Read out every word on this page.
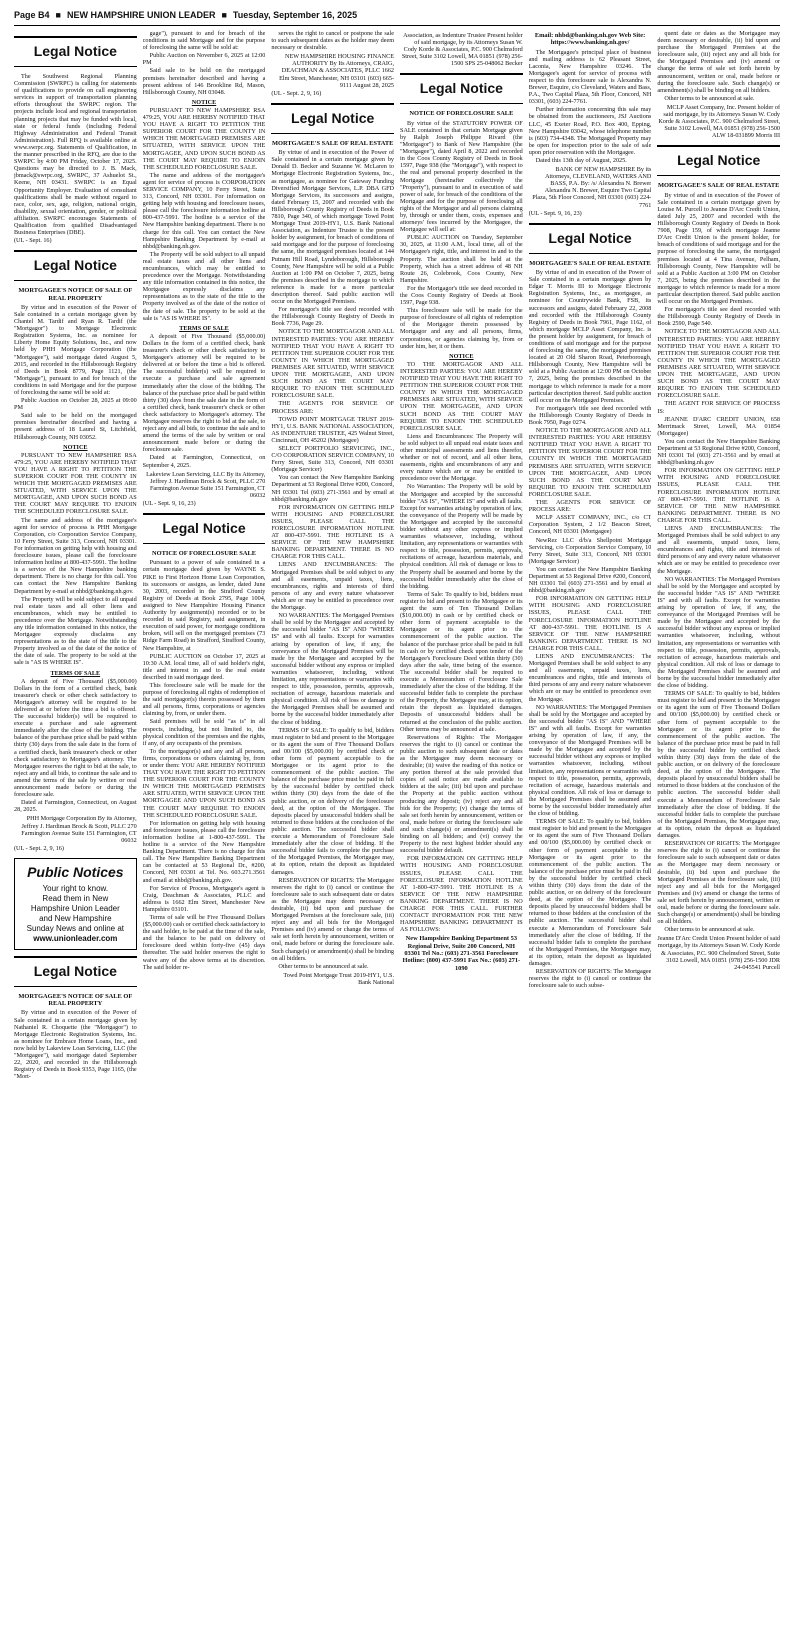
Page B4 ■ NEW HAMPSHIRE UNION LEADER ■ Tuesday, September 16, 2025
Legal Notice
The Southwest Regional Planning Commission (SWRPC) is calling for statements of qualifications to provide on call engineering services in support of transportation planning efforts throughout the SWRPC region. The projects include local and regional transportation planning projects that may be funded with local, state or federal funds (including Federal Highway Administration and Federal Transit Administration). Full RFQ is available online at www.swrpc.org. Statements of Qualification, in the manner prescribed in the RFQ, are due to the SWRPC by 4:00 PM Friday, October 17, 2025. Questions may be directed to J. B. Mack, jbmack@swrpc.org, SWRPC, 37 Ashuelot St., Keene, NH 03431. SWRPC is an Equal Opportunity Employer. Evaluation of consultant qualifications shall be made without regard to race, color, sex, age, religion, national origin, disability, sexual orientation, gender, or political affiliation. SWRPC encourages Statements of Qualification from qualified Disadvantaged Business Enterprises (DBE).
(UL - Sept. 16)
Legal Notice
MORTGAGEE'S NOTICE OF SALE OF REAL PROPERTY
By virtue and in execution of the Power of Sale contained in a certain mortgage given by Chantel M. Tardif and Ryan R. Tardif (the "Mortgagor") to Mortgage Electronic Registration Systems, Inc. as nominee for Liberty Home Equity Solutions, Inc., and now held by PHH Mortgage Corporation (the "Mortgagee"), said mortgage dated August 5, 2015, and recorded in the Hillsborough Registry of Deeds in Book 8779, Page 1121, (the "Mortgage"), pursuant to and for breach of the conditions in said Mortgage and for the purpose of foreclosing the same will be sold at:
Public Auction on October 28, 2025 at 09:00 PM
Said sale to be held on the mortgaged premises hereinafter described and having a present address of 18 Laurel St, Litchfield, Hillsborough County, NH 03052.
NOTICE
PURSUANT TO NEW HAMPSHIRE RSA 479:25, YOU ARE HEREBY NOTIFIED THAT YOU HAVE A RIGHT TO PETITION THE SUPERIOR COURT FOR THE COUNTY IN WHICH THE MORTGAGED PREMISES ARE SITUATED, WITH SERVICE UPON THE MORTGAGEE, AND UPON SUCH BOND AS THE COURT MAY REQUIRE TO ENJOIN THE SCHEDULED FORECLOSURE SALE.
The name and address of the mortgagee's agent for service of process is PHH Mortgage Corporation, c/o Corporation Service Company, 10 Ferry Street, Suite 313, Concord, NH 03301. For information on getting help with housing and foreclosure issues, please call the foreclosure information hotline at 800-437-5991. The hotline is a service of the New Hampshire banking department. There is no charge for this call. You can contact the New Hampshire Banking Department by e-mail at nhbd@banking.nh.gov.
The Property will be sold subject to all unpaid real estate taxes and all other liens and encumbrances, which may be entitled to precedence over the Mortgage. Notwithstanding any title information contained in this notice, the Mortgagee expressly disclaims any representations as to the state of the title to the Property involved as of the date of the notice of the date of sale. The property to be sold at the sale is "AS IS WHERE IS".
TERMS OF SALE
A deposit of Five Thousand ($5,000.00) Dollars in the form of a certified check, bank treasurer's check or other check satisfactory to Mortgagee's attorney will be required to be delivered at or before the time a bid is offered. The successful bidder(s) will be required to execute a purchase and sale agreement immediately after the close of the bidding. The balance of the purchase price shall be paid within thirty (30) days from the sale date in the form of a certified check, bank treasurer's check or other check satisfactory to Mortgagee's attorney. The Mortgagee reserves the right to bid at the sale, to reject any and all bids, to continue the sale and to amend the terms of the sale by written or oral announcement made before or during the foreclosure sale.
Dated at Farmington, Connecticut, on August 28, 2025.
PHH Mortgage Corporation By its Attorney, Jeffrey J. Hardiman Brock & Scott, PLLC 270 Farmington Avenue Suite 151 Farmington, CT 06032
(UL - Sept. 2, 9, 16)
Public Notices
Your right to know.
Read them in New
Hampshire Union Leader
and New Hampshire
Sunday News and online at
www.unionleader.com
Legal Notice
MORTGAGEE'S NOTICE OF SALE OF REAL PROPERTY
By virtue and in execution of the Power of Sale contained in a certain mortgage given by Nathaniel R. Choquette (the "Mortgagor") to Mortgage Electronic Registration Systems, Inc. as nominee for Embrace Home Loans, Inc., and now held by Lakeview Loan Servicing, LLC (the "Mortgagee"), said mortgage dated September 22, 2020, and recorded in the Hillsborough Registry of Deeds in Book 9353, Page 1165, (the "Mort-
gage"), pursuant to and for breach of the conditions in said Mortgage and for the purpose of foreclosing the same will be sold at:
Public Auction on November 6, 2025 at 12:00 PM
Said sale to be held on the mortgaged premises hereinafter described and having a present address of 146 Brookline Rd, Mason, Hillsborough County, NH 03048.
NOTICE
PURSUANT TO NEW HAMPSHIRE RSA 479:25, YOU ARE HEREBY NOTIFIED THAT YOU HAVE A RIGHT TO PETITION THE SUPERIOR COURT FOR THE COUNTY IN WHICH THE MORTGAGED PREMISES ARE SITUATED, WITH SERVICE UPON THE MORTGAGEE, AND UPON SUCH BOND AS THE COURT MAY REQUIRE TO ENJOIN THE SCHEDULED FORECLOSURE SALE.
The name and address of the mortgagee's agent for service of process is CORPORATION SERVICE COMPANY, 10 Ferry Street, Suite 313, Concord, NH 03301. For information on getting help with housing and foreclosure issues, please call the foreclosure information hotline at 800-437-5991. The hotline is a service of the New Hampshire banking department. There is no charge for this call. You can contact the New Hampshire Banking Department by e-mail at nhbd@banking.nh.gov.
The Property will be sold subject to all unpaid real estate taxes and all other liens and encumbrances, which may be entitled to precedence over the Mortgage. Notwithstanding any title information contained in this notice, the Mortgagee expressly disclaims any representations as to the state of the title to the Property involved as of the date of the notice of the date of sale. The property to be sold at the sale is "AS IS WHERE IS".
TERMS OF SALE
A deposit of Five Thousand ($5,000.00) Dollars in the form of a certified check, bank treasurer's check or other check satisfactory to Mortgagee's attorney will be required to be delivered at or before the time a bid is offered. The successful bidder(s) will be required to execute a purchase and sale agreement immediately after the close of the bidding. The balance of the purchase price shall be paid within thirty (30) days from the sale date in the form of a certified check, bank treasurer's check or other check satisfactory to Mortgagee's attorney. The Mortgagee reserves the right to bid at the sale, to reject any and all bids, to continue the sale and to amend the terms of the sale by written or oral announcement made before or during the foreclosure sale.
Dated at Farmington, Connecticut, on September 4, 2025.
Lakeview Loan Servicing, LLC By its Attorney, Jeffrey J. Hardiman Brock & Scott, PLLC 270 Farmington Avenue Suite 151 Farmington, CT 06032
(UL - Sept. 9, 16, 23)
Legal Notice
NOTICE OF FORECLOSURE SALE
Pursuant to a power of sale contained in a certain mortgage deed given by WAYNE S. PIKE to First Horizon Home Loan Corporation, its successors or assigns, as lender, dated June 30, 2003, recorded in the Strafford County Registry of Deeds at Book 2795, Page 1004, assigned to New Hampshire Housing Finance Authority by assignment(s) recorded or to be recorded in said Registry, said assignment, in execution of said power, for mortgage conditions broken, will sell on the mortgaged premises (73 Ridge Farm Road) in Strafford, Strafford County, New Hampshire, at
PUBLIC AUCTION on October 17, 2025 at 10:30 A.M. local time, all of said holder's right, title and interest in and to the real estate described in said mortgage deed.
This foreclosure sale will be made for the purpose of foreclosing all rights of redemption of the said mortgagor(s) therein possessed by them and all persons, firms, corporations or agencies claiming by, from, or under them.
Said premises will be sold "as is" in all respects, including, but not limited to, the physical condition of the premises and the rights, if any, of any occupants of the premises.
To the mortgagor(s) and any and all persons, firms, corporations or others claiming by, from or under them: YOU ARE HEREBY NOTIFIED THAT YOU HAVE THE RIGHT TO PETITION THE SUPERIOR COURT FOR THE COUNTY IN WHICH THE MORTGAGED PREMISES ARE SITUATED, WITH SERVICE UPON THE MORTGAGEE AND UPON SUCH BOND AS THE COURT MAY REQUIRE TO ENJOIN THE SCHEDULED FORECLOSURE SALE.
For information on getting help with housing and foreclosure issues, please call the foreclosure information hotline at 1-800-437-5991. The hotline is a service of the New Hampshire Banking Department. There is no charge for this call. The New Hampshire Banking Department can be contacted at 53 Regional Dr., #200, Concord, NH 03301 at Tel. No. 603.271.3561 and email at nhbd@banking.nh.gov.
For Service of Process, Mortgagee's agent is Craig, Deachman & Associates, PLLC and address is 1662 Elm Street, Manchester New Hampshire 03101.
Terms of sale will be Five Thousand Dollars ($5,000.00) cash or certified check satisfactory to the said holder, to be paid at the time of the sale, and the balance to be paid on delivery of foreclosure deed within forty-five (45) days thereafter. The said holder reserves the right to waive any of the above terms at its discretion. The said holder re-
serves the right to cancel or postpone the sale to such subsequent dates as the holder may deem necessary or desirable.
NEW HAMPSHIRE HOUSING FINANCE AUTHORITY By Its Attorneys, CRAIG, DEACHMAN & ASSOCIATES, PLLC 1662 Elm Street, Manchester, NH 03101 (603) 665-9111 August 28, 2025
(UL - Sept. 2, 9, 16)
Legal Notice
MORTGAGEE'S SALE OF REAL ESTATE
By virtue of and in execution of the Power of Sale contained in a certain mortgage given by Donald D. Becker and Suzanne W. McLaren to Mortgage Electronic Registration Systems, Inc., as mortgagee, as nominee for Gateway Funding Diversified Mortgage Services, L.P. DBA GFD Mortgage Services, its successors and assigns, dated February 15, 2007 and recorded with the Hillsborough County Registry of Deeds in Book 7810, Page 340, of which mortgage Towd Point Mortgage Trust 2019-HY1, U.S. Bank National Association, as Indenture Trustee is the present holder by assignment, for breach of conditions of said mortgage and for the purpose of foreclosing the same, the mortgaged premises located at 144 Putnam Hill Road, Lyndeborough, Hillsborough County, New Hampshire will be sold at a Public Auction at 1:00 PM on October 7, 2025, being the premises described in the mortgage to which reference is made for a more particular description thereof. Said public auction will occur on the Mortgaged Premises.
For mortgagor's title see deed recorded with the Hillsborough County Registry of Deeds in Book 7736, Page 29.
NOTICE TO THE MORTGAGOR AND ALL INTERESTED PARTIES: YOU ARE HEREBY NOTIFIED THAT YOU HAVE A RIGHT TO PETITION THE SUPERIOR COURT FOR THE COUNTY IN WHICH THE MORTGAGED PREMISES ARE SITUATED, WITH SERVICE UPON THE MORTGAGEE, AND UPON SUCH BOND AS THE COURT MAY REQUIRE TO ENJOIN THE SCHEDULED FORECLOSURE SALE.
THE AGENTS FOR SERVICE OF PROCESS ARE:
TOWD POINT MORTGAGE TRUST 2019-HY1, U.S. BANK NATIONAL ASSOCIATION, AS INDENTURE TRUSTEE, 425 Walnut Street, Cincinnati, OH 45202 (Mortgagee)
SELECT PORTFOLIO SERVICING, INC., C/O CORPORATION SERVICE COMPANY, 10 Ferry Street, Suite 313, Concord, NH 03301 (Mortgage Servicer)
You can contact the New Hampshire Banking Department at 53 Regional Drive #200, Concord, NH 03301 Tel (603) 271-3561 and by email at nhbd@banking.nh.gov
FOR INFORMATION ON GETTING HELP WITH HOUSING AND FORECLOSURE ISSUES, PLEASE CALL THE FORECLOSURE INFORMATION HOTLINE AT 800-437-5991. THE HOTLINE IS A SERVICE OF THE NEW HAMPSHIRE BANKING DEPARTMENT. THERE IS NO CHARGE FOR THIS CALL.
LIENS AND ENCUMBRANCES: The Mortgaged Premises shall be sold subject to any and all easements, unpaid taxes, liens, encumbrances, rights and interests of third persons of any and every nature whatsoever which are or may be entitled to precedence over the Mortgage.
NO WARRANTIES: The Mortgaged Premises shall be sold by the Mortgagee and accepted by the successful bidder "AS IS" AND "WHERE IS" and with all faults. Except for warranties arising by operation of law, if any, the conveyance of the Mortgaged Premises will be made by the Mortgagee and accepted by the successful bidder without any express or implied warranties whatsoever, including, without limitation, any representations or warranties with respect to title, possession, permits, approvals, recitation of acreage, hazardous materials and physical condition. All risk of loss or damage to the Mortgaged Premises shall be assumed and borne by the successful bidder immediately after the close of bidding.
TERMS OF SALE: To qualify to bid, bidders must register to bid and present to the Mortgagee or its agent the sum of Five Thousand Dollars and 00/100 ($5,000.00) by certified check or other form of payment acceptable to the Mortgagee or its agent prior to the commencement of the public auction. The balance of the purchase price must be paid in full by the successful bidder by certified check within thirty (30) days from the date of the public auction, or on delivery of the foreclosure deed, at the option of the Mortgagee. The deposits placed by unsuccessful bidders shall be returned to those bidders at the conclusion of the public auction. The successful bidder shall execute a Memorandum of Foreclosure Sale immediately after the close of bidding. If the successful bidder fails to complete the purchase of the Mortgaged Premises, the Mortgagee may, at its option, retain the deposit as liquidated damages.
RESERVATION OF RIGHTS: The Mortgagee reserves the right to (i) cancel or continue the foreclosure sale to such subsequent date or dates as the Mortgagee may deem necessary or desirable, (ii) bid upon and purchase the Mortgaged Premises at the foreclosure sale, (iii) reject any and all bids for the Mortgaged Premises and (iv) amend or change the terms of sale set forth herein by announcement, written or oral, made before or during the foreclosure sale. Such change(s) or amendment(s) shall be binding on all bidders.
Other terms to be announced at sale.
Towd Point Mortgage Trust 2019-HY1, U.S. Bank National
Association, as Indenture Trustee Present holder of said mortgage, by its Attorneys Susan W. Cody Korde & Associates, P.C. 900 Chelmsford Street, Suite 3102 Lowell, MA 01851 (978) 256-1500 SPS 25-048062 Becker
Legal Notice
NOTICE OF FORECLOSURE SALE
By virtue of the STATUTORY POWER OF SALE contained in that certain Mortgage given by Ralph Joseph Philippe Rivard (the "Mortgagor") to Bank of New Hampshire (the "Mortgagee"), dated April 8, 2022 and recorded in the Coos County Registry of Deeds in Book 1597, Page 938 (the "Mortgage"), with respect to the real and personal property described in the Mortgage (hereinafter collectively the "Property"), pursuant to and in execution of said power of sale, for breach of the conditions of the Mortgage and for the purpose of foreclosing all rights of the Mortgagor and all persons claiming by, through or under them, costs, expenses and attorneys' fees incurred by the Mortgagee, the Mortgagee will sell at:
PUBLIC AUCTION on Tuesday, September 30, 2025, at 11:00 A.M., local time, all of the Mortgagee's right, title, and interest in and to the Property. The auction shall be held at the Property, which has a street address of 48 NH Route 26, Colebrook, Coos County, New Hampshire.
For the Mortgagor's title see deed recorded in the Coos County Registry of Deeds at Book 1597, Page 938.
This foreclosure sale will be made for the purpose of foreclosure of all rights of redemption of the Mortgagor therein possessed by Mortgagor and any and all persons, firms, corporations, or agencies claiming by, from or under him, her, it or them.
NOTICE
TO THE MORTGAGOR AND ALL INTERESTED PARTIES: YOU ARE HEREBY NOTIFIED THAT YOU HAVE THE RIGHT TO PETITION THE SUPERIOR COURT FOR THE COUNTY IN WHICH THE MORTGAGED PREMISES ARE SITUATED, WITH SERVICE UPON THE MORTGAGEE, AND UPON SUCH BOND AS THE COURT MAY REQUIRE TO ENJOIN THE SCHEDULED FORECLOSURE SALE.
Liens and Encumbrances: The Property will be sold subject to all unpaid real estate taxes and other municipal assessments and liens therefor, whether or not of record, and all other liens, easements, rights and encumbrances of any and every nature which are or may be entitled to precedence over the Mortgage.
No Warranties: The Property will be sold by the Mortgagee and accepted by the successful bidder "AS IS", "WHERE IS" and with all faults. Except for warranties arising by operation of law, the conveyance of the Property will be made by the Mortgagee and accepted by the successful bidder without any other express or implied warranties whatsoever, including, without limitation, any representations or warranties with respect to title, possession, permits, approvals, recitations of acreage, hazardous materials, and physical condition. All risk of damage or loss to the Property shall be assumed and borne by the successful bidder immediately after the close of the bidding.
Terms of Sale: To qualify to bid, bidders must register to bid and present to the Mortgagee or its agent the sum of Ten Thousand Dollars ($10,000.00) in cash or by certified check or other form of payment acceptable to the Mortgagee or its agent prior to the commencement of the public auction. The balance of the purchase price shall be paid in full in cash or by certified check upon tender of the Mortgagee's Foreclosure Deed within thirty (30) days after the sale, time being of the essence. The successful bidder shall be required to execute a Memorandum of Foreclosure Sale immediately after the close of the bidding. If the successful bidder fails to complete the purchase of the Property, the Mortgagee may, at its option, retain the deposit as liquidated damages. Deposits of unsuccessful bidders shall be returned at the conclusion of the public auction. Other terms may be announced at sale.
Reservations of Rights: The Mortgagee reserves the right to (i) cancel or continue the public auction to such subsequent date or dates as the Mortgagee may deem necessary or desirable; (ii) waive the reading of this notice or any portion thereof at the sale provided that copies of said notice are made available to bidders at the sale; (iii) bid upon and purchase the Property at the public auction without producing any deposit; (iv) reject any and all bids for the Property; (v) change the terms of sale set forth herein by announcement, written or oral, made before or during the foreclosure sale and such change(s) or amendment(s) shall be binding on all bidders; and (vi) convey the Property to the next highest bidder should any successful bidder default.
FOR INFORMATION ON GETTING HELP WITH HOUSING AND FORECLOSURE ISSUES, PLEASE CALL THE FORECLOSURE INFORMATION HOTLINE AT 1-800-437-5991. THE HOTLINE IS A SERVICE OF THE NEW HAMPSHIRE BANKING DEPARTMENT. THERE IS NO CHARGE FOR THIS CALL. FURTHER CONTACT INFORMATION FOR THE NEW HAMPSHIRE BANKING DEPARTMENT IS AS FOLLOWS:
New Hampshire Banking Department 53 Regional Drive, Suite 200 Concord, NH 03301 Tel No.: (603) 271-3561 Foreclosure Hotline: (800) 437-5991 Fax No.: (603) 271-1090
Email: nhbd@banking.nh.gov Web Site: https://www.banking.nh.gov/
The Mortgagee's principal place of business and mailing address is 62 Pleasant Street, Laconia, New Hampshire 03246. The Mortgagee's agent for service of process with respect to this foreclosure sale is Alexandra N. Brewer, Esquire, c/o Cleveland, Waters and Bass, P.A., Two Capital Plaza, 5th Floor, Concord, NH 03301, (603) 224-7761.
Further information concerning this sale may be obtained from the auctioneers, JSJ Auctions LLC, 45 Exeter Road, P.O. Box 400, Epping, New Hampshire 03042, whose telephone number is (603) 734-4348. The Mortgaged Property may be open for inspection prior to the sale of sale upon prior reservation with the Mortgagee.
Dated this 13th day of August, 2025.
BANK OF NEW HAMPSHIRE By its Attorneys, CLEVELAND, WATERS AND BASS, P.A. By: /s/ Alexandra N. Brewer Alexandra N. Brewer, Esquire Two Capital Plaza, 5th Floor Concord, NH 03301 (603) 224-7761
(UL - Sept. 9, 16, 23)
Legal Notice
MORTGAGEE'S SALE OF REAL ESTATE
By virtue of and in execution of the Power of Sale contained in a certain mortgage given by Edgar T. Morris III to Mortgage Electronic Registration Systems, Inc., as mortgagee, as nominee for Countrywide Bank, FSB, its successors and assigns, dated February 22, 2008 and recorded with the Hillsborough County Registry of Deeds in Book 7961, Page 1162, of which mortgage MCLP Asset Company, Inc. is the present holder by assignment, for breach of conditions of said mortgage and for the purpose of foreclosing the same, the mortgaged premises located at 20 Old Sharon Road, Peterborough, Hillsborough County, New Hampshire will be sold at a Public Auction at 12:00 PM on October 7, 2025, being the premises described in the mortgage to which reference is made for a more particular description thereof. Said public auction will occur on the Mortgaged Premises.
For mortgagor's title see deed recorded with the Hillsborough County Registry of Deeds in Book 7950, Page 0274.
NOTICE TO THE MORTGAGOR AND ALL INTERESTED PARTIES: YOU ARE HEREBY NOTIFIED THAT YOU HAVE A RIGHT TO PETITION THE SUPERIOR COURT FOR THE COUNTY IN WHICH THE MORTGAGED PREMISES ARE SITUATED, WITH SERVICE UPON THE MORTGAGEE, AND UPON SUCH BOND AS THE COURT MAY REQUIRE TO ENJOIN THE SCHEDULED FORECLOSURE SALE.
THE AGENTS FOR SERVICE OF PROCESS ARE:
MCLP ASSET COMPANY, INC., c/o CT Corporation System, 2 1/2 Beacon Street, Concord, NH 03301 (Mortgagee)
NewRez LLC d/b/a Shellpoint Mortgage Servicing, c/o Corporation Service Company, 10 Ferry Street, Suite 313, Concord, NH 03301 (Mortgage Servicer)
You can contact the New Hampshire Banking Department at 53 Regional Drive #200, Concord, NH 03301 Tel (603) 271-3561 and by email at nhbd@banking.nh.gov
FOR INFORMATION ON GETTING HELP WITH HOUSING AND FORECLOSURE ISSUES, PLEASE CALL THE FORECLOSURE INFORMATION HOTLINE AT 800-437-5991. THE HOTLINE IS A SERVICE OF THE NEW HAMPSHIRE BANKING DEPARTMENT. THERE IS NO CHARGE FOR THIS CALL.
LIENS AND ENCUMBRANCES: The Mortgaged Premises shall be sold subject to any and all easements, unpaid taxes, liens, encumbrances and rights, title and interests of third persons of any and every nature whatsoever which are or may be entitled to precedence over the Mortgage.
NO WARRANTIES: The Mortgaged Premises shall be sold by the Mortgagee and accepted by the successful bidder "AS IS" AND "WHERE IS" and with all faults. Except for warranties arising by operation of law, if any, the conveyance of the Mortgaged Premises will be made by the Mortgagee and accepted by the successful bidder without any express or implied warranties whatsoever, including, without limitation, any representations or warranties with respect to title, possession, permits, approvals, recitation of acreage, hazardous materials and physical condition. All risk of loss or damage to the Mortgaged Premises shall be assumed and borne by the successful bidder immediately after the close of bidding.
TERMS OF SALE: To qualify to bid, bidders must register to bid and present to the Mortgagee or its agent the sum of Five Thousand Dollars and 00/100 ($5,000.00) by certified check or other form of payment acceptable to the Mortgagee or its agent prior to the commencement of the public auction. The balance of the purchase price must be paid in full by the successful bidder by certified check within thirty (30) days from the date of the public auction, or on delivery of the foreclosure deed, at the option of the Mortgagee. The deposits placed by unsuccessful bidders shall be returned to those bidders at the conclusion of the public auction. The successful bidder shall execute a Memorandum of Foreclosure Sale immediately after the close of bidding. If the successful bidder fails to complete the purchase of the Mortgaged Premises, the Mortgagee may, at its option, retain the deposit as liquidated damages.
RESERVATION OF RIGHTS: The Mortgagee reserves the right to (i) cancel or continue the foreclosure sale to such subse-
quent date or dates as the Mortgagee may deem necessary or desirable, (ii) bid upon and purchase the Mortgaged Premises at the foreclosure sale, (iii) reject any and all bids for the Mortgaged Premises and (iv) amend or change the terms of sale set forth herein by announcement, written or oral, made before or during the foreclosure sale. Such change(s) or amendment(s) shall be binding on all bidders.
Other terms to be announced at sale.
MCLP Asset Company, Inc. Present holder of said mortgage, by its Attorneys Susan W. Cody Korde & Associates, P.C. 900 Chelmsford Street, Suite 3102 Lowell, MA 01851 (978) 256-1500 ALW 18-031899 Morris III
Legal Notice
MORTGAGEE'S SALE OF REAL ESTATE
By virtue of and in execution of the Power of Sale contained in a certain mortgage given by Louise M. Purcell to Jeanne D'Arc Credit Union, dated July 25, 2007 and recorded with the Hillsborough County Registry of Deeds in Book 7908, Page 159, of which mortgage Jeanne D'Arc Credit Union is the present holder, for breach of conditions of said mortgage and for the purpose of foreclosing the same, the mortgaged premises located at 4 Tina Avenue, Pelham, Hillsborough County, New Hampshire will be sold at a Public Auction at 3:00 PM on October 7, 2025, being the premises described in the mortgage to which reference is made for a more particular description thereof. Said public auction will occur on the Mortgaged Premises.
For mortgagor's title see deed recorded with the Hillsborough County Registry of Deeds in Book 2590, Page 540.
NOTICE TO THE MORTGAGOR AND ALL INTERESTED PARTIES: YOU ARE HEREBY NOTIFIED THAT YOU HAVE A RIGHT TO PETITION THE SUPERIOR COURT FOR THE COUNTY IN WHICH THE MORTGAGED PREMISES ARE SITUATED, WITH SERVICE UPON THE MORTGAGEE, AND UPON SUCH BOND AS THE COURT MAY REQUIRE TO ENJOIN THE SCHEDULED FORECLOSURE SALE.
THE AGENT FOR SERVICE OF PROCESS IS:
JEANNE D'ARC CREDIT UNION, 658 Merrimack Street, Lowell, MA 01854 (Mortgagee)
You can contact the New Hampshire Banking Department at 53 Regional Drive #200, Concord, NH 03301 Tel (603) 271-3561 and by email at nhbd@banking.nh.gov
FOR INFORMATION ON GETTING HELP WITH HOUSING AND FORECLOSURE ISSUES, PLEASE CALL THE FORECLOSURE INFORMATION HOTLINE AT 800-437-5991. THE HOTLINE IS A SERVICE OF THE NEW HAMPSHIRE BANKING DEPARTMENT. THERE IS NO CHARGE FOR THIS CALL.
LIENS AND ENCUMBRANCES: The Mortgaged Premises shall be sold subject to any and all easements, unpaid taxes, liens, encumbrances and rights, title and interests of third persons of any and every nature whatsoever which are or may be entitled to precedence over the Mortgage.
NO WARRANTIES: The Mortgaged Premises shall be sold by the Mortgagee and accepted by the successful bidder "AS IS" AND "WHERE IS" and with all faults. Except for warranties arising by operation of law, if any, the conveyance of the Mortgaged Premises will be made by the Mortgagee and accepted by the successful bidder without any express or implied warranties whatsoever, including, without limitation, any representations or warranties with respect to title, possession, permits, approvals, recitation of acreage, hazardous materials and physical condition. All risk of loss or damage to the Mortgaged Premises shall be assumed and borne by the successful bidder immediately after the close of bidding.
TERMS OF SALE: To qualify to bid, bidders must register to bid and present to the Mortgagee or its agent the sum of Five Thousand Dollars and 00/100 ($5,000.00) by certified check or other form of payment acceptable to the Mortgagee or its agent prior to the commencement of the public auction. The balance of the purchase price must be paid in full by the successful bidder by certified check within thirty (30) days from the date of the public auction, or on delivery of the foreclosure deed, at the option of the Mortgagee. The deposits placed by unsuccessful bidders shall be returned to those bidders at the conclusion of the public auction. The successful bidder shall execute a Memorandum of Foreclosure Sale immediately after the close of bidding. If the successful bidder fails to complete the purchase of the Mortgaged Premises, the Mortgagee may, at its option, retain the deposit as liquidated damages.
RESERVATION OF RIGHTS: The Mortgagee reserves the right to (i) cancel or continue the foreclosure sale to such subsequent date or dates as the Mortgagee may deem necessary or desirable, (ii) bid upon and purchase the Mortgaged Premises at the foreclosure sale, (iii) reject any and all bids for the Mortgaged Premises and (iv) amend or change the terms of sale set forth herein by announcement, written or oral, made before or during the foreclosure sale. Such change(s) or amendment(s) shall be binding on all bidders.
Other terms to be announced at sale.
Jeanne D'Arc Credit Union Present holder of said mortgage, by its Attorneys Susan W. Cody Korde & Associates, P.C. 900 Chelmsford Street, Suite 3102 Lowell, MA 01851 (978) 256-1500 JDR 24-045541 Purcell
